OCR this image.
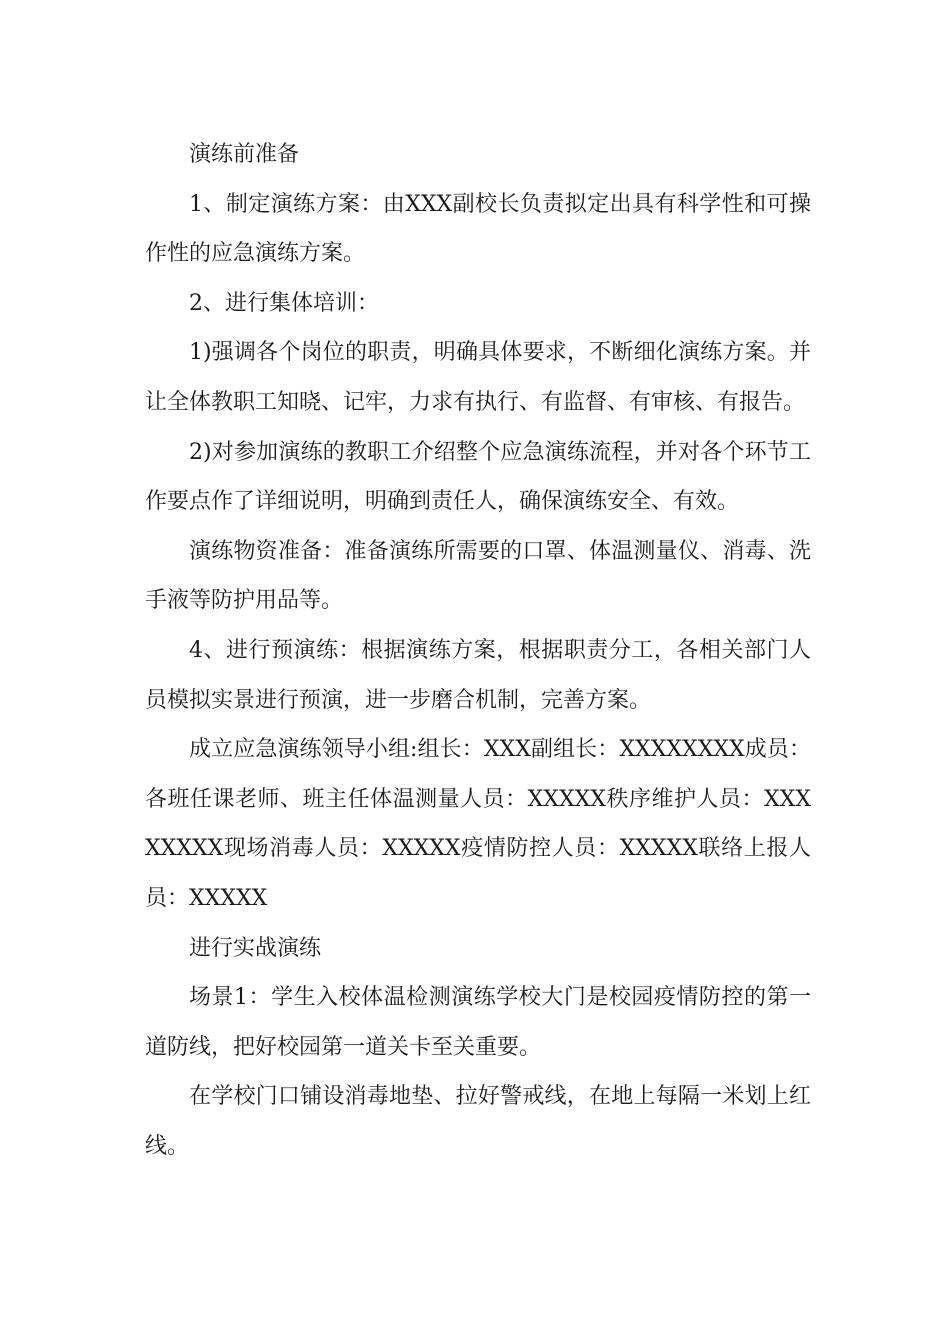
演练前准备

1、制定演练方案：由XXX副校长负责拟定出具有科学性和可操作性的应急演练方案。

2、进行集体培训：

1)强调各个岗位的职责，明确具体要求，不断细化演练方案。并让全体教职工知晓、记牢，力求有执行、有监督、有审核、有报告。

2)对参加演练的教职工介绍整个应急演练流程，并对各个环节工作要点作了详细说明，明确到责任人，确保演练安全、有效。

演练物资准备：准备演练所需要的口罩、体温测量仪、消毒、洗手液等防护用品等。

4、进行预演练：根据演练方案，根据职责分工，各相关部门人员模拟实景进行预演，进一步磨合机制，完善方案。

成立应急演练领导小组:组长：XXX副组长：XXXXXXXX成员：各班任课老师、班主任体温测量人员：XXXXX秩序维护人员：XXXXXXXX现场消毒人员：XXXXX疫情防控人员：XXXXX联络上报人员：XXXXX

进行实战演练

场景1：学生入校体温检测演练学校大门是校园疫情防控的第一道防线，把好校园第一道关卡至关重要。

在学校门口铺设消毒地垫、拉好警戒线，在地上每隔一米划上红线。
